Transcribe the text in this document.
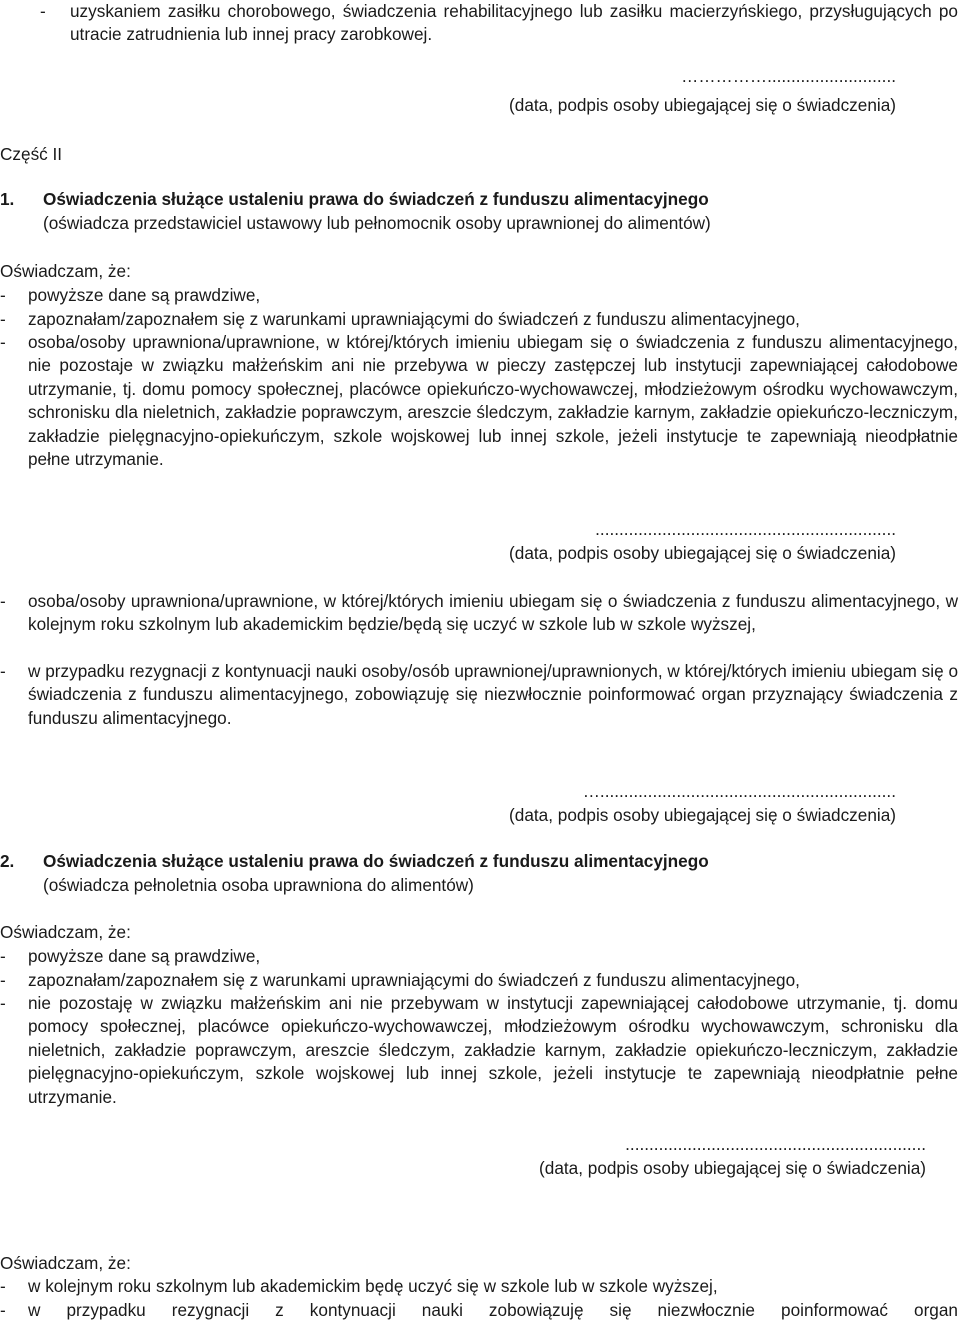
- uzyskaniem zasiłku chorobowego, świadczenia rehabilitacyjnego lub zasiłku macierzyńskiego, przysługujących po utracie zatrudnienia lub innej pracy zarobkowej.
……………...........................
(data, podpis osoby ubiegającej się o świadczenia)
Część II
1. Oświadczenia służące ustaleniu prawa do świadczeń z funduszu alimentacyjnego
(oświadcza przedstawiciel ustawowy lub pełnomocnik osoby uprawnionej do alimentów)
Oświadczam, że:
- powyższe dane są prawdziwe,
- zapoznałam/zapoznałem się z warunkami uprawniającymi do świadczeń z funduszu alimentacyjnego,
- osoba/osoby uprawniona/uprawnione, w której/których imieniu ubiegam się o świadczenia z funduszu alimentacyjnego, nie pozostaje w związku małżeńskim ani nie przebywa w pieczy zastępczej lub instytucji zapewniającej całodobowe utrzymanie, tj. domu pomocy społecznej, placówce opiekuńczo-wychowawczej, młodzieżowym ośrodku wychowawczym, schronisku dla nieletnich, zakładzie poprawczym, areszcie śledczym, zakładzie karnym, zakładzie opiekuńczo-leczniczym, zakładzie pielęgnacyjno-opiekuńczym, szkole wojskowej lub innej szkole, jeżeli instytucje te zapewniają nieodpłatnie pełne utrzymanie.
...............................................................
(data, podpis osoby ubiegającej się o świadczenia)
- osoba/osoby uprawniona/uprawnione, w której/których imieniu ubiegam się o świadczenia z funduszu alimentacyjnego, w kolejnym roku szkolnym lub akademickim będzie/będą się uczyć w szkole lub w szkole wyższej,
- w przypadku rezygnacji z kontynuacji nauki osoby/osób uprawnionej/uprawnionych, w której/których imieniu ubiegam się o świadczenia z funduszu alimentacyjnego, zobowiązuję się niezwłocznie poinformować organ przyznający świadczenia z funduszu alimentacyjnego.
…..............................................................
(data, podpis osoby ubiegającej się o świadczenia)
2. Oświadczenia służące ustaleniu prawa do świadczeń z funduszu alimentacyjnego
(oświadcza pełnoletnia osoba uprawniona do alimentów)
Oświadczam, że:
- powyższe dane są prawdziwe,
- zapoznałam/zapoznałem się z warunkami uprawniającymi do świadczeń z funduszu alimentacyjnego,
- nie pozostaję w związku małżeńskim ani nie przebywam w instytucji zapewniającej całodobowe utrzymanie, tj. domu pomocy społecznej, placówce opiekuńczo-wychowawczej, młodzieżowym ośrodku wychowawczym, schronisku dla nieletnich, zakładzie poprawczym, areszcie śledczym, zakładzie karnym, zakładzie opiekuńczo-leczniczym, zakładzie pielęgnacyjno-opiekuńczym, szkole wojskowej lub innej szkole, jeżeli instytucje te zapewniają nieodpłatnie pełne utrzymanie.
...............................................................
(data, podpis osoby ubiegającej się o świadczenia)
Oświadczam, że:
- w kolejnym roku szkolnym lub akademickim będę uczyć się w szkole lub w szkole wyższej,
- w przypadku rezygnacji z kontynuacji nauki zobowiązuję się niezwłocznie poinformować organ
